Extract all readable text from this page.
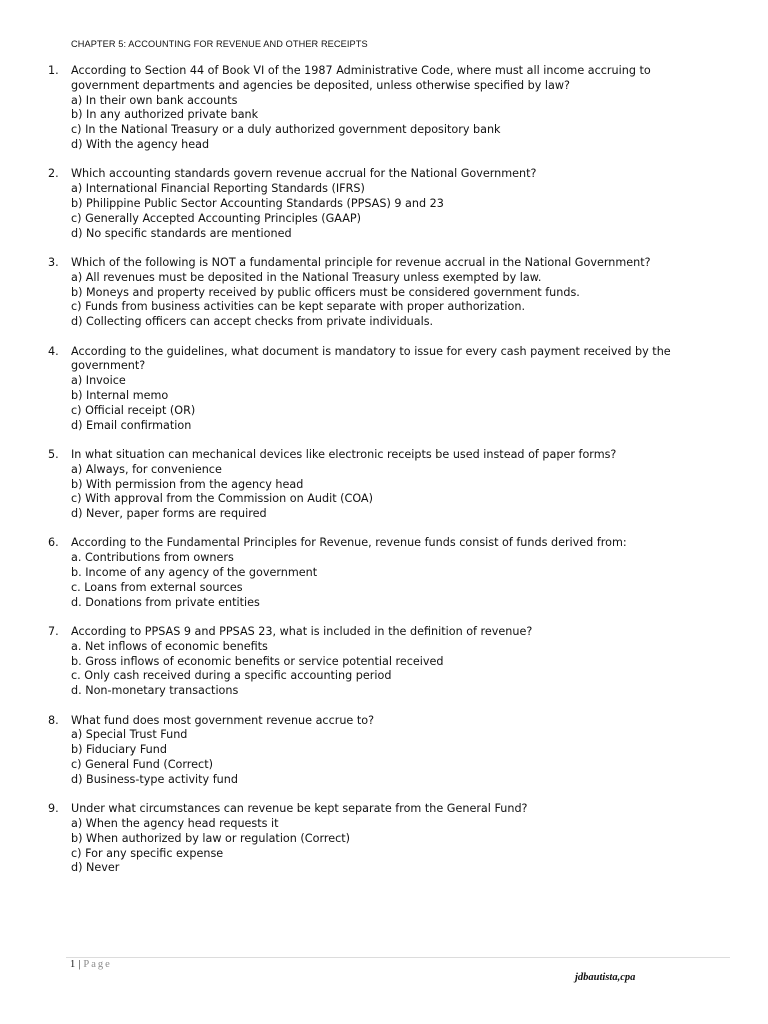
CHAPTER 5: ACCOUNTING FOR REVENUE AND OTHER RECEIPTS
1.	According to Section 44 of Book VI of the 1987 Administrative Code, where must all income accruing to government departments and agencies be deposited, unless otherwise specified by law?
a) In their own bank accounts
b) In any authorized private bank
c) In the National Treasury or a duly authorized government depository bank
d) With the agency head
2.	Which accounting standards govern revenue accrual for the National Government?
a) International Financial Reporting Standards (IFRS)
b) Philippine Public Sector Accounting Standards (PPSAS) 9 and 23
c) Generally Accepted Accounting Principles (GAAP)
d) No specific standards are mentioned
3.	Which of the following is NOT a fundamental principle for revenue accrual in the National Government?
a) All revenues must be deposited in the National Treasury unless exempted by law.
b) Moneys and property received by public officers must be considered government funds.
c) Funds from business activities can be kept separate with proper authorization.
d) Collecting officers can accept checks from private individuals.
4.	According to the guidelines, what document is mandatory to issue for every cash payment received by the government?
a) Invoice
b) Internal memo
c) Official receipt (OR)
d) Email confirmation
5.	In what situation can mechanical devices like electronic receipts be used instead of paper forms?
a) Always, for convenience
b) With permission from the agency head
c) With approval from the Commission on Audit (COA)
d) Never, paper forms are required
6.	According to the Fundamental Principles for Revenue, revenue funds consist of funds derived from:
a. Contributions from owners
b. Income of any agency of the government
c. Loans from external sources
d. Donations from private entities
7.	According to PPSAS 9 and PPSAS 23, what is included in the definition of revenue?
a. Net inflows of economic benefits
b. Gross inflows of economic benefits or service potential received
c. Only cash received during a specific accounting period
d. Non-monetary transactions
8.	What fund does most government revenue accrue to?
a) Special Trust Fund
b) Fiduciary Fund
c) General Fund (Correct)
d) Business-type activity fund
9.	Under what circumstances can revenue be kept separate from the General Fund?
a) When the agency head requests it
b) When authorized by law or regulation (Correct)
c) For any specific expense
d) Never
1 | Page
jdbautista,cpa
